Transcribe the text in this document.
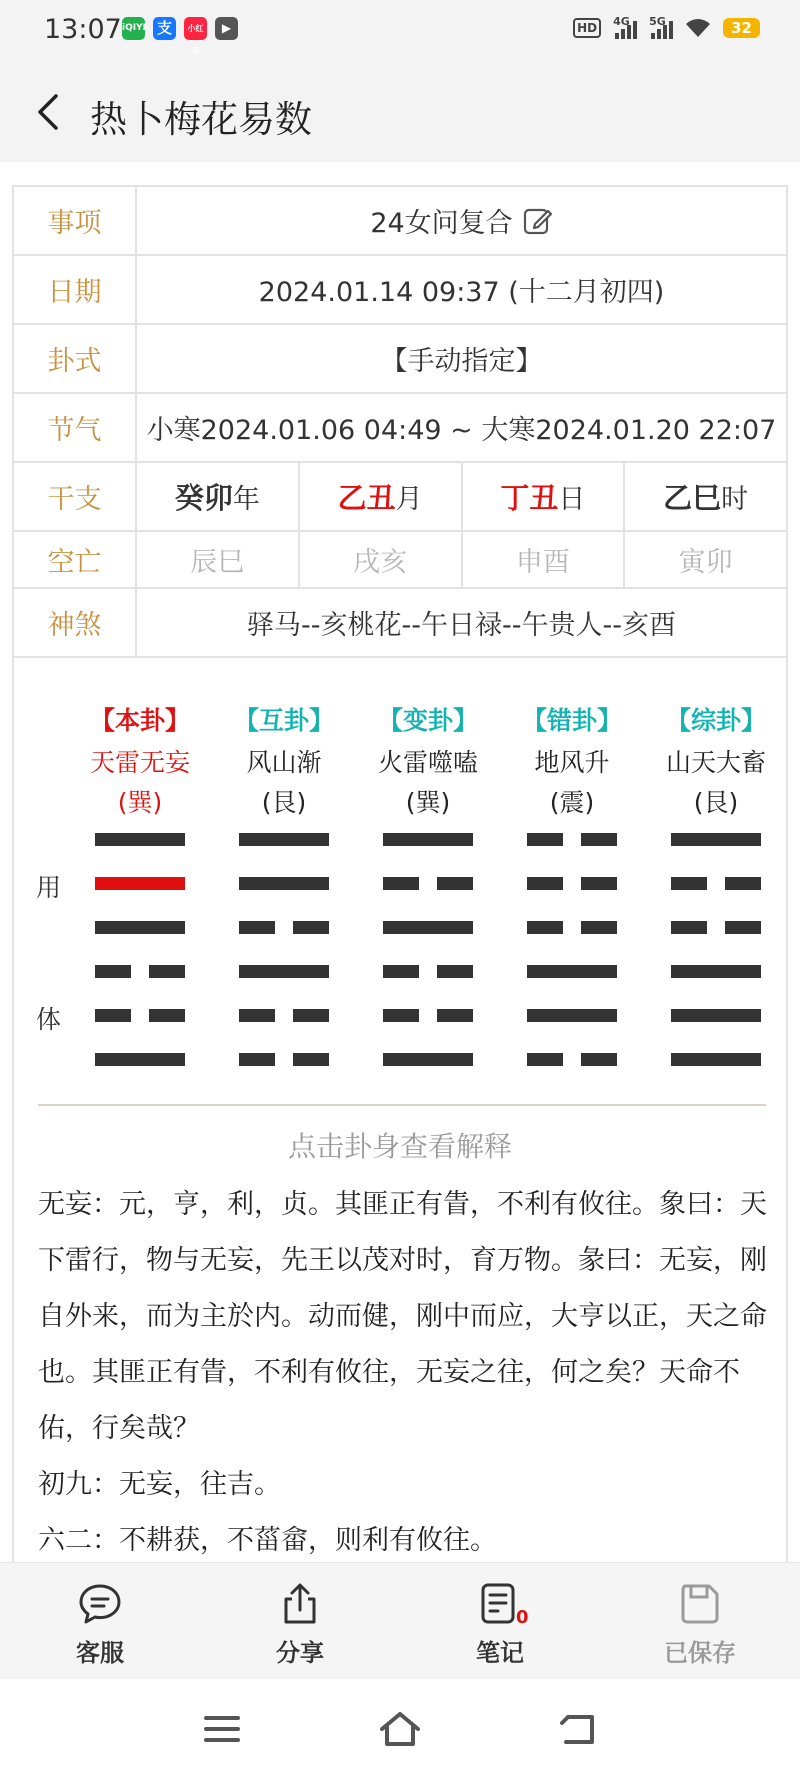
13:07 iQIYI 支	小红书
▶	HD	4G 5G	32
热卜梅花易数
事项	24女问复合
日期	2024.01.14 09:37 (十二月初四)
卦式	【手动指定】
节气	小寒2024.01.06 04:49 ~ 大寒2024.01.20 22:07
干支	癸卯 年	乙丑 月	丁丑 日	乙巳 时
空亡	辰巳	戌亥	申酉	寅卯
神煞	驿马--亥 桃花--午 日禄--午 贵人--亥酉
【本卦】
天雷无妄
(巽)
【互卦】
风山渐
(艮)
【变卦】
火雷噬嗑
(巽)
【错卦】
地风升
(震)
【综卦】
山天大畜
(艮)
用
体
点击卦身查看解释

无妄：元，亨，利，贞。其匪正有眚，不利有攸往。象曰：天下雷行，物与无妄，先王以茂对时，育万物。彖曰：无妄，刚自外来，而为主於内。动而健，刚中而应，大亨以正，天之命也。其匪正有眚，不利有攸往，无妄之往，何之矣？天命不佑，行矣哉？

初九：无妄，往吉。

六二：不耕获，不菑畲，则利有攸往。

客服	分享
0
笔记	已保存
